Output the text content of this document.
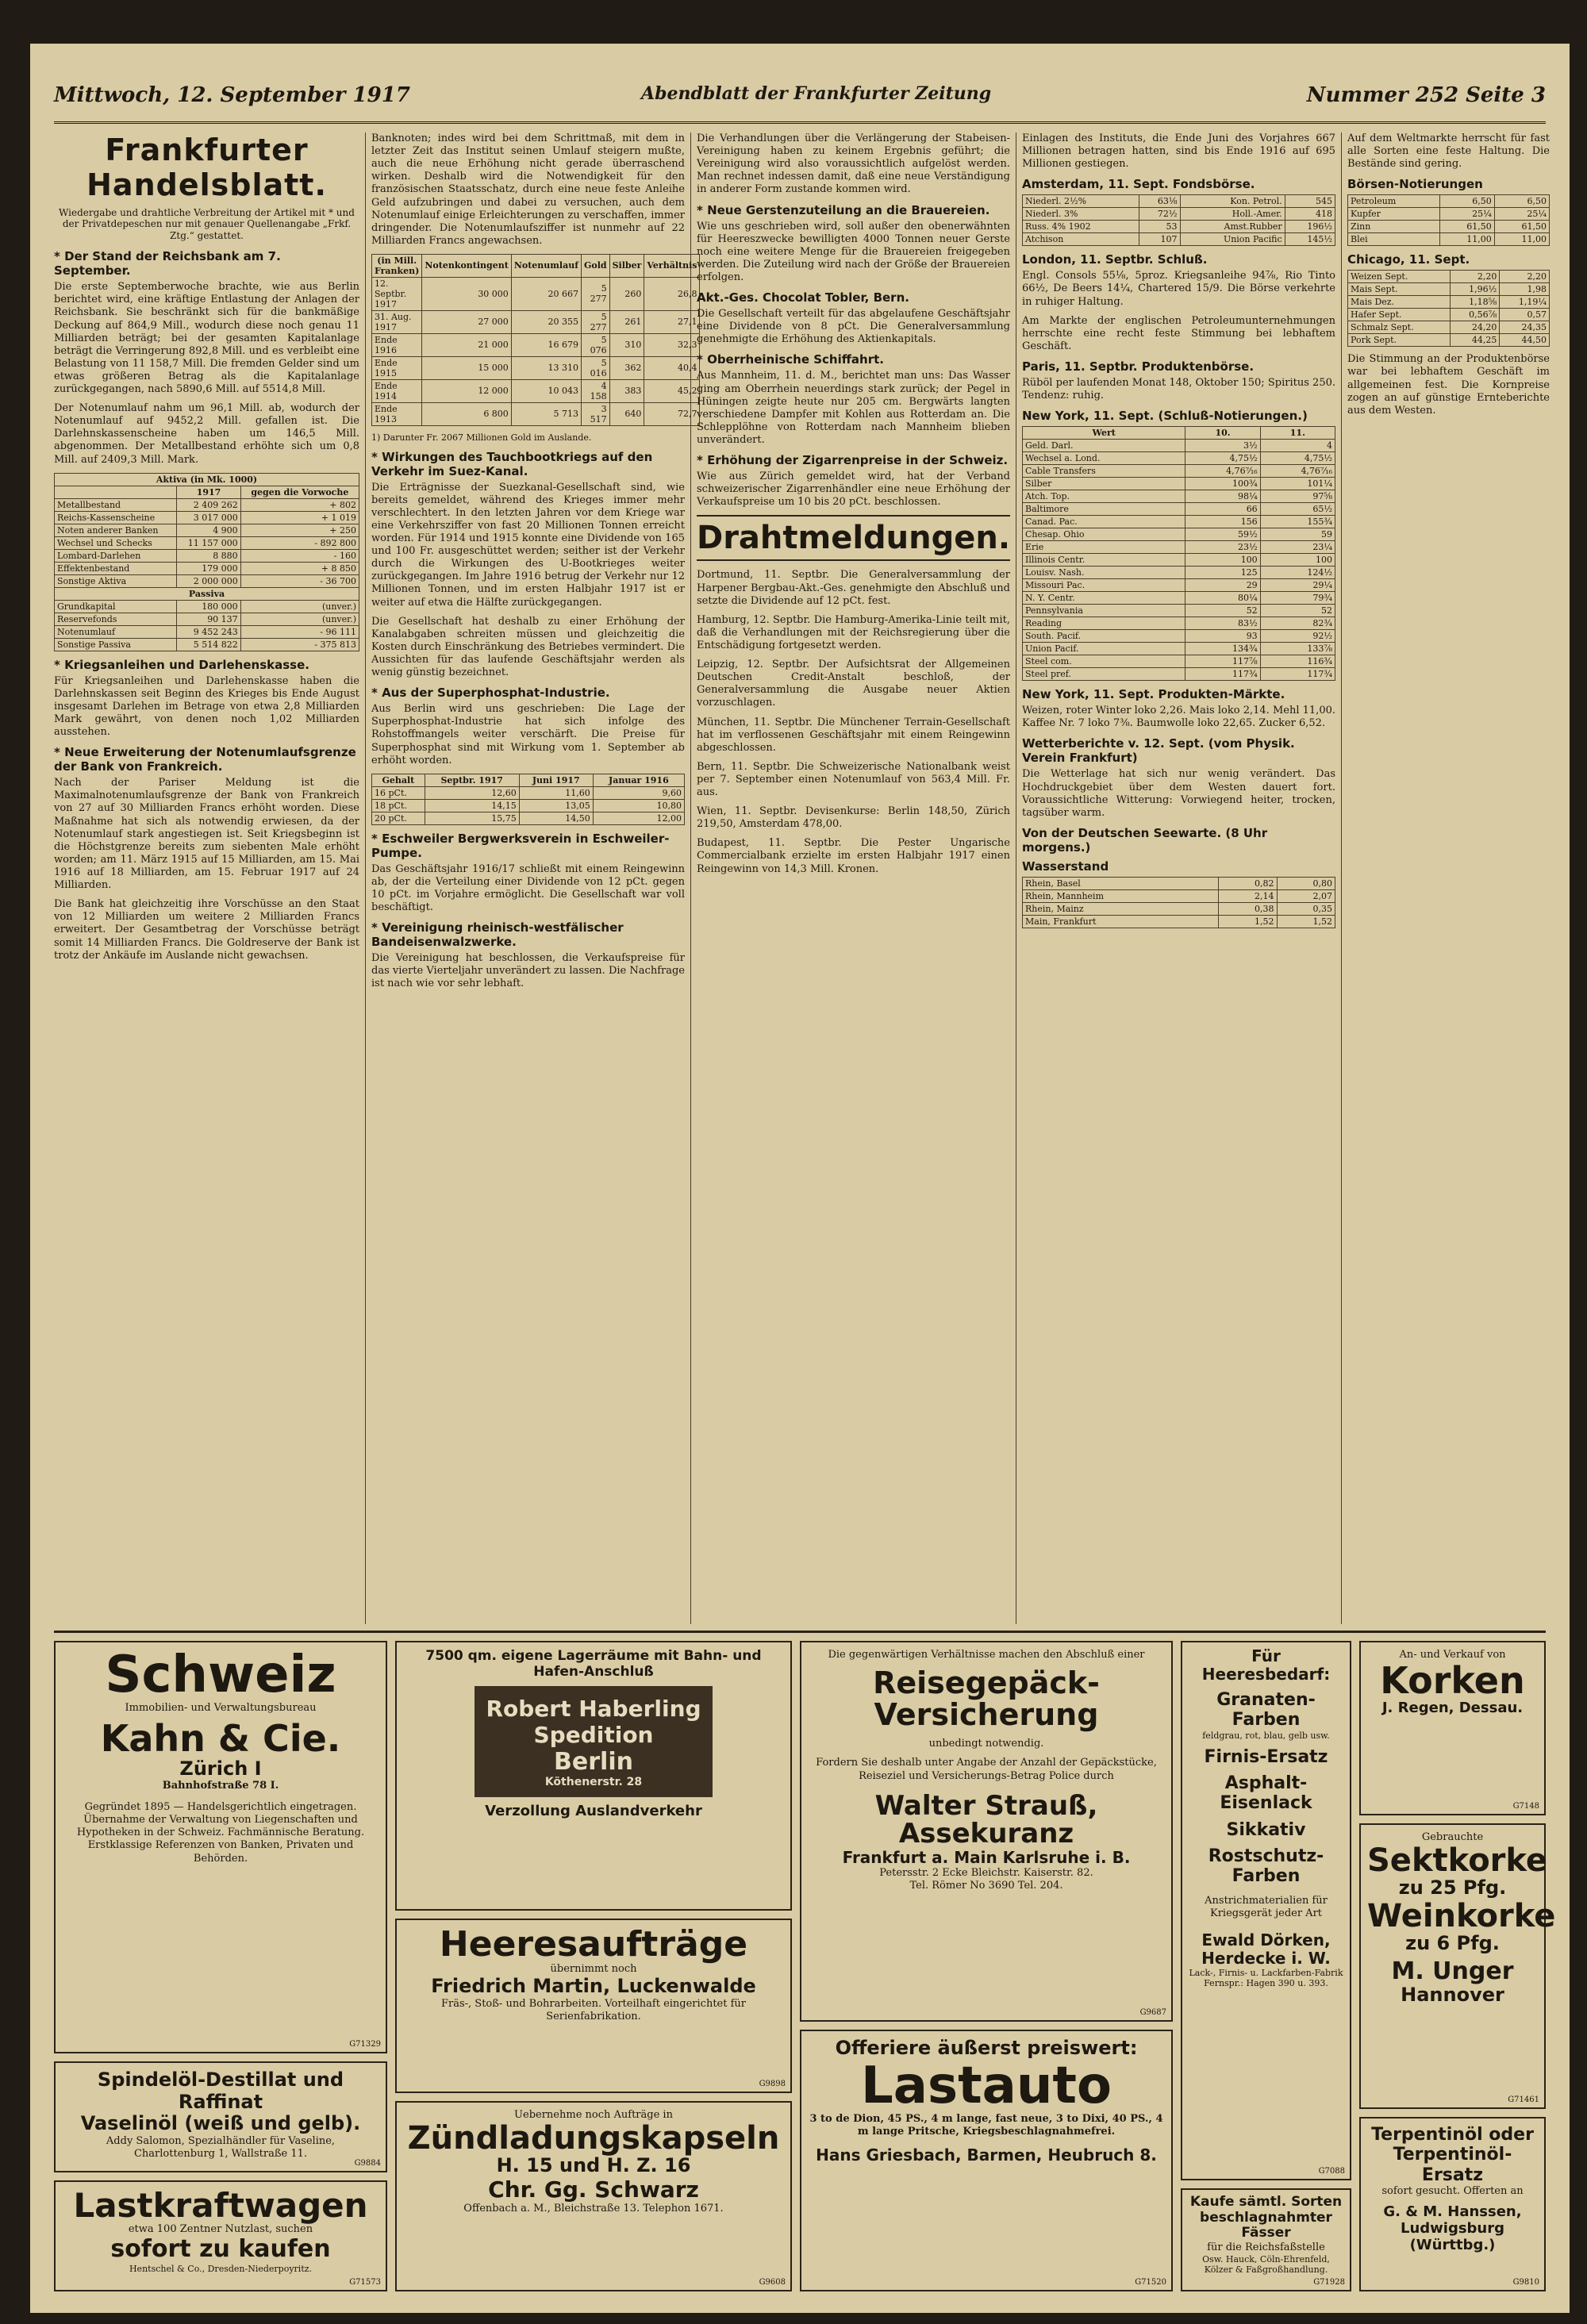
Mittwoch, 12. September 1917	Abendblatt der Frankfurter Zeitung	Nummer 252 Seite 3
Frankfurter Handelsblatt.
Wiedergabe und drahtliche Verbreitung der Artikel mit * und der Privatdepeschen nur mit genauer Quellenangabe „Frkf. Ztg.“ gestattet.
* Der Stand der Reichsbank am 7. September.

Die erste Septemberwoche brachte, wie aus Berlin berichtet wird, eine kräftige Entlastung der Anlagen der Reichsbank. Sie beschränkt sich für die bankmäßige Deckung auf 864,9 Mill., wodurch diese noch genau 11 Milliarden beträgt; bei der gesamten Kapitalanlage beträgt die Verringerung 892,8 Mill. und es verbleibt eine Belastung von 11 158,7 Mill. Die fremden Gelder sind um etwas größeren Betrag als die Kapitalanlage zurückgegangen, nach 5890,6 Mill. auf 5514,8 Mill.

Der Notenumlauf nahm um 96,1 Mill. ab, wodurch der Notenumlauf auf 9452,2 Mill. gefallen ist. Die Darlehnskassenscheine haben um 146,5 Mill. abgenommen. Der Metallbestand erhöhte sich um 0,8 Mill. auf 2409,3 Mill. Mark.

Aktiva (in Mk. 1000)		
	1917	gegen die Vorwoche
Metallbestand	2 409 262	+ 802
Reichs-Kassenscheine	3 017 000	+ 1 019
Noten anderer Banken	4 900	+ 250
Wechsel und Schecks	11 157 000	- 892 800
Lombard-Darlehen	8 880	- 160
Effektenbestand	179 000	+ 8 850
Sonstige Aktiva	2 000 000	- 36 700
Passiva		
Grundkapital	180 000	(unver.)
Reservefonds	90 137	(unver.)
Notenumlauf	9 452 243	- 96 111
Sonstige Passiva	5 514 822	- 375 813
* Kriegsanleihen und Darlehenskasse.

Für Kriegsanleihen und Darlehenskasse haben die Darlehnskassen seit Beginn des Krieges bis Ende August insgesamt Darlehen im Betrage von etwa 2,8 Milliarden Mark gewährt, von denen noch 1,02 Milliarden ausstehen.

* Neue Erweiterung der Notenumlaufsgrenze der Bank von Frankreich.

Nach der Pariser Meldung ist die Maximalnotenumlaufsgrenze der Bank von Frankreich von 27 auf 30 Milliarden Francs erhöht worden. Diese Maßnahme hat sich als notwendig erwiesen, da der Notenumlauf stark angestiegen ist. Seit Kriegsbeginn ist die Höchstgrenze bereits zum siebenten Male erhöht worden; am 11. März 1915 auf 15 Milliarden, am 15. Mai 1916 auf 18 Milliarden, am 15. Februar 1917 auf 24 Milliarden.

Die Bank hat gleichzeitig ihre Vorschüsse an den Staat von 12 Milliarden um weitere 2 Milliarden Francs erweitert. Der Gesamtbetrag der Vorschüsse beträgt somit 14 Milliarden Francs. Die Goldreserve der Bank ist trotz der Ankäufe im Auslande nicht gewachsen.

Banknoten; indes wird bei dem Schrittmaß, mit dem in letzter Zeit das Institut seinen Umlauf steigern mußte, auch die neue Erhöhung nicht gerade überraschend wirken. Deshalb wird die Notwendigkeit für den französischen Staatsschatz, durch eine neue feste Anleihe Geld aufzubringen und dabei zu versuchen, auch dem Notenumlauf einige Erleichterungen zu verschaffen, immer dringender. Die Notenumlaufsziffer ist nunmehr auf 22 Milliarden Francs angewachsen.

(in Mill. Franken)	Notenkontingent	Notenumlauf	Gold	Silber	Verhältnis
12. Septbr. 1917	30 000	20 667	5 277	260	26,8
31. Aug. 1917	27 000	20 355	5 277	261	27,1
Ende 1916	21 000	16 679	5 076	310	32,3
Ende 1915	15 000	13 310	5 016	362	40,4
Ende 1914	12 000	10 043	4 158	383	45,2
Ende 1913	6 800	5 713	3 517	640	72,7

1) Darunter Fr. 2067 Millionen Gold im Auslande.

* Wirkungen des Tauchbootkriegs auf den Verkehr im Suez-Kanal.

Die Erträgnisse der Suezkanal-Gesellschaft sind, wie bereits gemeldet, während des Krieges immer mehr verschlechtert. In den letzten Jahren vor dem Kriege war eine Verkehrsziffer von fast 20 Millionen Tonnen erreicht worden. Für 1914 und 1915 konnte eine Dividende von 165 und 100 Fr. ausgeschüttet werden; seither ist der Verkehr durch die Wirkungen des U-Bootkrieges weiter zurückgegangen. Im Jahre 1916 betrug der Verkehr nur 12 Millionen Tonnen, und im ersten Halbjahr 1917 ist er weiter auf etwa die Hälfte zurückgegangen.

Die Gesellschaft hat deshalb zu einer Erhöhung der Kanalabgaben schreiten müssen und gleichzeitig die Kosten durch Einschränkung des Betriebes vermindert. Die Aussichten für das laufende Geschäftsjahr werden als wenig günstig bezeichnet.

* Aus der Superphosphat-Industrie.

Aus Berlin wird uns geschrieben: Die Lage der Superphosphat-Industrie hat sich infolge des Rohstoffmangels weiter verschärft. Die Preise für Superphosphat sind mit Wirkung vom 1. September ab erhöht worden.

Gehalt	Septbr. 1917	Juni 1917	Januar 1916
16 pCt.	12,60	11,60	9,60
18 pCt.	14,15	13,05	10,80
20 pCt.	15,75	14,50	12,00
* Eschweiler Bergwerksverein in Eschweiler-Pumpe.

Das Geschäftsjahr 1916/17 schließt mit einem Reingewinn ab, der die Verteilung einer Dividende von 12 pCt. gegen 10 pCt. im Vorjahre ermöglicht. Die Gesellschaft war voll beschäftigt.

* Vereinigung rheinisch-westfälischer Bandeisenwalzwerke.

Die Vereinigung hat beschlossen, die Verkaufspreise für das vierte Vierteljahr unverändert zu lassen. Die Nachfrage ist nach wie vor sehr lebhaft.

Die Verhandlungen über die Verlängerung der Stabeisen-Vereinigung haben zu keinem Ergebnis geführt; die Vereinigung wird also voraussichtlich aufgelöst werden. Man rechnet indessen damit, daß eine neue Verständigung in anderer Form zustande kommen wird.

* Neue Gerstenzuteilung an die Brauereien.

Wie uns geschrieben wird, soll außer den obenerwähnten für Heereszwecke bewilligten 4000 Tonnen neuer Gerste noch eine weitere Menge für die Brauereien freigegeben werden. Die Zuteilung wird nach der Größe der Brauereien erfolgen.

Akt.-Ges. Chocolat Tobler, Bern.

Die Gesellschaft verteilt für das abgelaufene Geschäftsjahr eine Dividende von 8 pCt. Die Generalversammlung genehmigte die Erhöhung des Aktienkapitals.

* Oberrheinische Schiffahrt.

Aus Mannheim, 11. d. M., berichtet man uns: Das Wasser ging am Oberrhein neuerdings stark zurück; der Pegel in Hüningen zeigte heute nur 205 cm. Bergwärts langten verschiedene Dampfer mit Kohlen aus Rotterdam an. Die Schlepplöhne von Rotterdam nach Mannheim blieben unverändert.

* Erhöhung der Zigarrenpreise in der Schweiz.

Wie aus Zürich gemeldet wird, hat der Verband schweizerischer Zigarrenhändler eine neue Erhöhung der Verkaufspreise um 10 bis 20 pCt. beschlossen.

Drahtmeldungen.

Dortmund, 11. Septbr. Die Generalversammlung der Harpener Bergbau-Akt.-Ges. genehmigte den Abschluß und setzte die Dividende auf 12 pCt. fest.

Hamburg, 12. Septbr. Die Hamburg-Amerika-Linie teilt mit, daß die Verhandlungen mit der Reichsregierung über die Entschädigung fortgesetzt werden.

Leipzig, 12. Septbr. Der Aufsichtsrat der Allgemeinen Deutschen Credit-Anstalt beschloß, der Generalversammlung die Ausgabe neuer Aktien vorzuschlagen.

München, 11. Septbr. Die Münchener Terrain-Gesellschaft hat im verflossenen Geschäftsjahr mit einem Reingewinn abgeschlossen.

Bern, 11. Septbr. Die Schweizerische Nationalbank weist per 7. September einen Notenumlauf von 563,4 Mill. Fr. aus.

Wien, 11. Septbr. Devisenkurse: Berlin 148,50, Zürich 219,50, Amsterdam 478,00.

Budapest, 11. Septbr. Die Pester Ungarische Commercialbank erzielte im ersten Halbjahr 1917 einen Reingewinn von 14,3 Mill. Kronen.

Einlagen des Instituts, die Ende Juni des Vorjahres 667 Millionen betragen hatten, sind bis Ende 1916 auf 695 Millionen gestiegen.

Amsterdam, 11. Sept. Fondsbörse.
Niederl. 2½%	63⅛	Kon. Petrol.	545
Niederl. 3%	72½	Holl.-Amer.	418
Russ. 4% 1902	53	Amst.Rubber	196½
Atchison	107	Union Pacific	145½
London, 11. Septbr. Schluß.

Engl. Consols 55⅛, 5proz. Kriegsanleihe 94⅞, Rio Tinto 66½, De Beers 14¼, Chartered 15/9. Die Börse verkehrte in ruhiger Haltung.

Am Markte der englischen Petroleumunternehmungen herrschte eine recht feste Stimmung bei lebhaftem Geschäft.

Paris, 11. Septbr. Produktenbörse.

Rüböl per laufenden Monat 148, Oktober 150; Spiritus 250. Tendenz: ruhig.

New York, 11. Sept. (Schluß-Notierungen.)
Wert	10.	11.
Geld. Darl.	3½	4
Wechsel a. Lond.	4,75½	4,75½
Cable Transfers	4,76⁷⁄₁₆	4,76⁷⁄₁₆
Silber	100¾	101¼
Atch. Top.	98¼	97⅝
Baltimore	66	65½
Canad. Pac.	156	155¾
Chesap. Ohio	59½	59
Erie	23½	23¼
Illinois Centr.	100	100
Louisv. Nash.	125	124½
Missouri Pac.	29	29¼
N. Y. Centr.	80¼	79¾
Pennsylvania	52	52
Reading	83½	82¾
South. Pacif.	93	92½
Union Pacif.	134¾	133⅞
Steel com.	117⅞	116¾
Steel pref.	117¾	117¾
New York, 11. Sept. Produkten-Märkte.

Weizen, roter Winter loko 2,26. Mais loko 2,14. Mehl 11,00. Kaffee Nr. 7 loko 7⅜. Baumwolle loko 22,65. Zucker 6,52.

Wetterberichte v. 12. Sept. (vom Physik. Verein Frankfurt)

Die Wetterlage hat sich nur wenig verändert. Das Hochdruckgebiet über dem Westen dauert fort. Voraussichtliche Witterung: Vorwiegend heiter, trocken, tagsüber warm.

Von der Deutschen Seewarte. (8 Uhr morgens.)
Wasserstand
Rhein, Basel	0,82	0,80
Rhein, Mannheim	2,14	2,07
Rhein, Mainz	0,38	0,35
Main, Frankfurt	1,52	1,52

Auf dem Weltmarkte herrscht für fast alle Sorten eine feste Haltung. Die Bestände sind gering.

Börsen-Notierungen
Petroleum	6,50	6,50
Kupfer	25¼	25¼
Zinn	61,50	61,50
Blei	11,00	11,00
Chicago, 11. Sept.
Weizen Sept.	2,20	2,20
Mais Sept.	1,96½	1,98
Mais Dez.	1,18⅝	1,19¼
Hafer Sept.	0,56⅞	0,57
Schmalz Sept.	24,20	24,35
Pork Sept.	44,25	44,50

Die Stimmung an der Produktenbörse war bei lebhaftem Geschäft im allgemeinen fest. Die Kornpreise zogen an auf günstige Ernteberichte aus dem Westen.

Schweiz
Immobilien- und Verwaltungsbureau
Kahn & Cie.
Zürich I
Bahnhofstraße 78 I.
Gegründet 1895 — Handelsgerichtlich eingetragen. Übernahme der Verwaltung von Liegenschaften und Hypotheken in der Schweiz. Fachmännische Beratung. Erstklassige Referenzen von Banken, Privaten und Behörden.
G71329
Spindelöl-Destillat und Raffinat
Vaselinöl (weiß und gelb).
Addy Salomon, Spezialhändler für Vaseline,
Charlottenburg 1, Wallstraße 11.
G9884
Lastkraftwagen
etwa 100 Zentner Nutzlast, suchen
sofort zu kaufen
Hentschel & Co., Dresden-Niederpoyritz.
G71573
7500 qm. eigene Lagerräume mit Bahn- und Hafen-Anschluß
Robert Haberling Spedition
Berlin
Köthenerstr. 28
Verzollung Auslandverkehr
Heeresaufträge
übernimmt noch
Friedrich Martin, Luckenwalde
Fräs-, Stoß- und Bohrarbeiten. Vorteilhaft eingerichtet für Serienfabrikation.
G9898
Uebernehme noch Aufträge in
Zündladungskapseln
H. 15 und H. Z. 16
Chr. Gg. Schwarz
Offenbach a. M., Bleichstraße 13. Telephon 1671.
G9608
Die gegenwärtigen Verhältnisse machen den Abschluß einer
Reisegepäck-Versicherung
unbedingt notwendig.
Fordern Sie deshalb unter Angabe der Anzahl der Gepäckstücke, Reiseziel und Versicherungs-Betrag Police durch
Walter Strauß, Assekuranz
Frankfurt a. Main Karlsruhe i. B.
Petersstr. 2 Ecke Bleichstr. Kaiserstr. 82.
Tel. Römer No 3690 Tel. 204.
G9687
Offeriere äußerst preiswert:
Lastauto
3 to de Dion, 45 PS., 4 m lange, fast neue, 3 to Dixi, 40 PS., 4 m lange Pritsche, Kriegsbeschlagnahmefrei.
Hans Griesbach, Barmen, Heubruch 8.
G71520
Für Heeresbedarf:
Granaten-Farben
feldgrau, rot, blau, gelb usw.
Firnis-Ersatz
Asphalt-Eisenlack
Sikkativ
Rostschutz-Farben
Anstrichmaterialien für Kriegsgerät jeder Art
Ewald Dörken, Herdecke i. W.
Lack-, Firnis- u. Lackfarben-Fabrik
Fernspr.: Hagen 390 u. 393.
G7088
Kaufe sämtl. Sorten beschlagnahmter Fässer
für die Reichsfaßstelle
Osw. Hauck, Cöln-Ehrenfeld, Kölzer & Faßgroßhandlung.
G71928
An- und Verkauf von
Korken
J. Regen, Dessau.
G7148
Gebrauchte
Sektkorke
zu 25 Pfg.
Weinkorke
zu 6 Pfg.
M. Unger
Hannover
G71461
Terpentinöl oder Terpentinöl-Ersatz
sofort gesucht. Offerten an
G. & M. Hanssen, Ludwigsburg (Württbg.)
G9810
